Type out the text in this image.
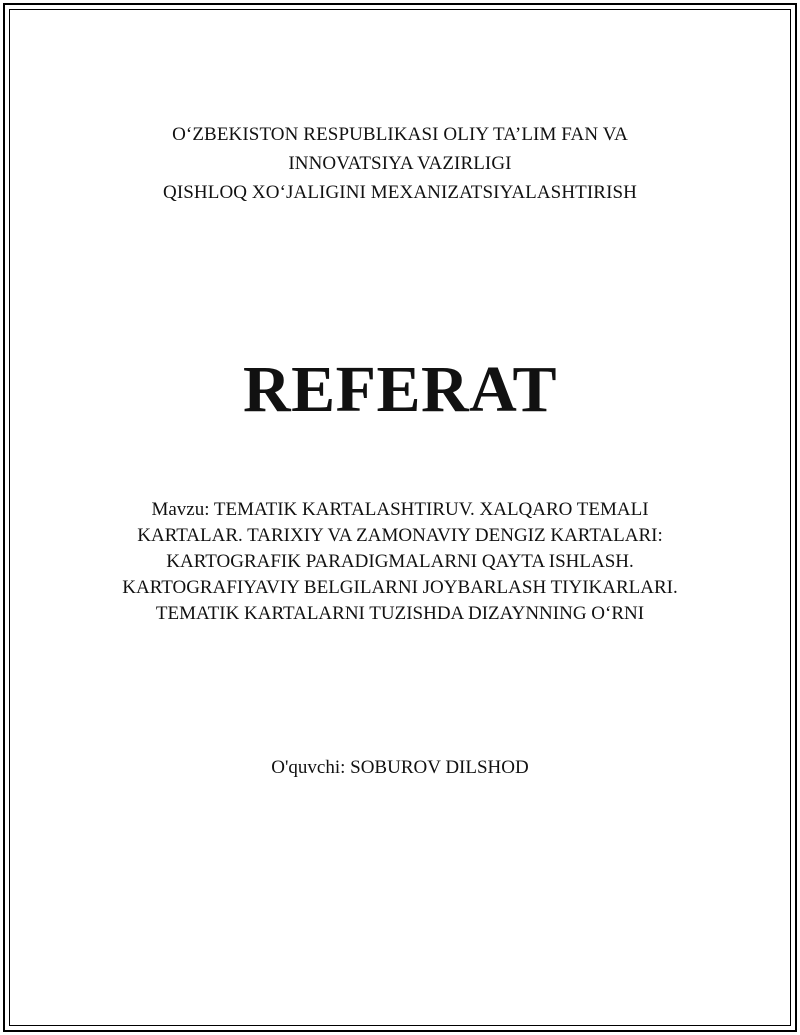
O‘ZBEKISTON RESPUBLIKASI OLIY TA’LIM FAN VA
INNOVATSIYA VAZIRLIGI
QISHLOQ XO‘JALIGINI MEXANIZATSIYALASHTIRISH
REFERAT
Mavzu: TEMATIK KARTALASHTIRUV. XALQARO TEMALI
KARTALAR. TARIXIY VA ZAMONAVIY DENGIZ KARTALARI:
KARTOGRAFIK PARADIGMALARNI QAYTA ISHLASH.
KARTOGRAFIYAVIY BELGILARNI JOYBARLASH TIYIKARLARI.
TEMATIK KARTALARNI TUZISHDA DIZAYNNING O‘RNI
O'quvchi: SOBUROV DILSHOD
